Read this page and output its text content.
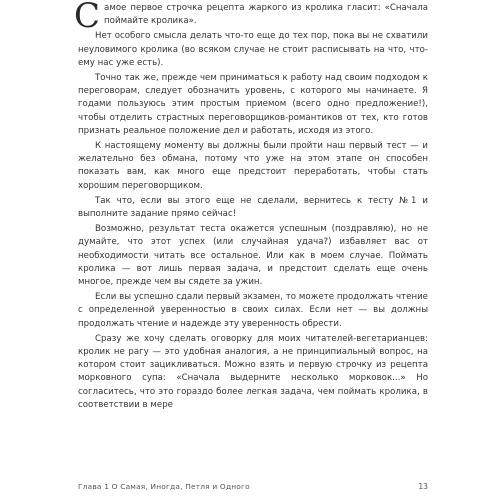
Самое первое строчка рецепта жаркого из кролика гласит: «Сначала поймайте кролика».

Нет особого смысла делать что-то еще до тех пор, пока вы не схватили неуловимого кролика (во всяком случае не стоит расписывать на что, что-ему нас уже есть).

Точно так же, прежде чем приниматься к работу над своим подходом к переговорам, следует обозначить уровень, с которого мы начинаете. Я годами пользуюсь этим простым приемом (всего одно предложение!), чтобы отделить страстных переговорщиков-романтиков от тех, кто готов признать реальное положение дел и работать, исходя из этого.

К настоящему моменту вы должны были пройти наш первый тест — и желательно без обмана, потому что уже на этом этапе он способен показать вам, как много еще предстоит переработать, чтобы стать хорошим переговорщиком.

Так что, если вы этого еще не сделали, вернитесь к тесту №1 и выполните задание прямо сейчас!

Возможно, результат теста окажется успешным (поздравляю), но не думайте, что этот успех (или случайная удача?) избавляет вас от необходимости читать все остальное. Или как в моем случае. Поймать кролика — вот лишь первая задача, и предстоит сделать еще очень многое, прежде чем вы сядете за ужин.

Если вы успешно сдали первый экзамен, то можете продолжать чтение с определенной уверенностью в своих силах. Если нет — вы должны продолжать чтение и надежде эту уверенность обрести.

Сразу же хочу сделать оговорку для моих читателей-вегетарианцев: кролик не рагу — это удобная аналогия, а не принципиальный вопрос, на котором стоит зацикливаться. Можно взять и первую строчку из рецепта морковного супа: «Сначала выдерните несколько морковок...» Но согласитесь, что это гораздо более легкая задача, чем поймать кролика, в соответствии в мере

Глава 1 О Самая, Иногда, Петля и Одного	13
